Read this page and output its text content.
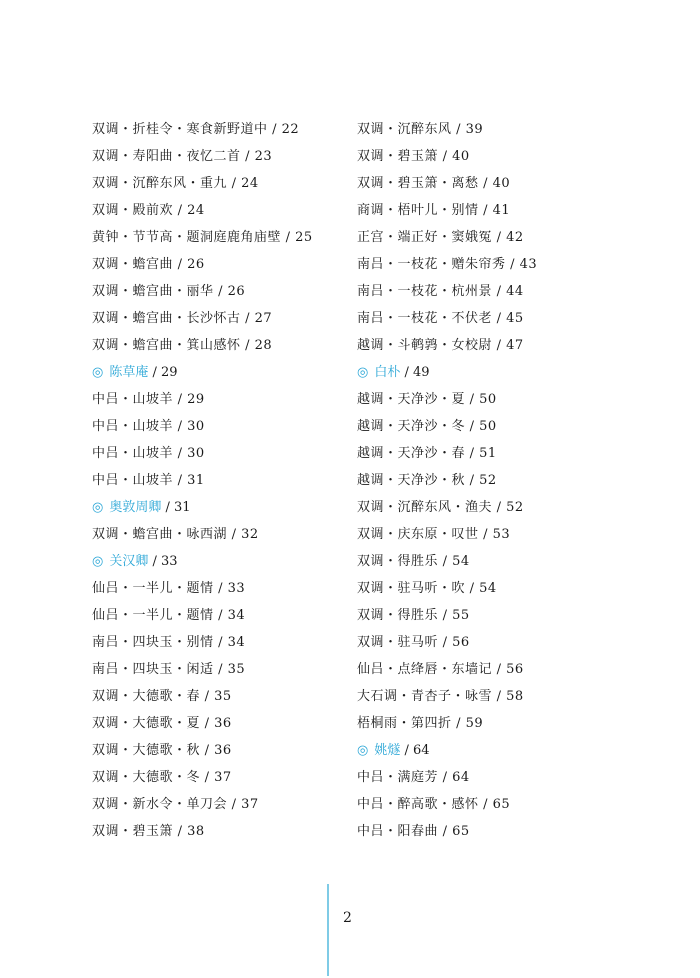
双调・折桂令・寒食新野道中 / 22
双调・寿阳曲・夜忆二首 / 23
双调・沉醉东风・重九 / 24
双调・殿前欢 / 24
黄钟・节节高・题洞庭鹿角庙壁 / 25
双调・蟾宫曲 / 26
双调・蟾宫曲・丽华 / 26
双调・蟾宫曲・长沙怀古 / 27
双调・蟾宫曲・箕山感怀 / 28
◎ 陈草庵 / 29
中吕・山坡羊 / 29
中吕・山坡羊 / 30
中吕・山坡羊 / 30
中吕・山坡羊 / 31
◎ 奥敦周卿 / 31
双调・蟾宫曲・咏西湖 / 32
◎ 关汉卿 / 33
仙吕・一半儿・题情 / 33
仙吕・一半儿・题情 / 34
南吕・四块玉・别情 / 34
南吕・四块玉・闲适 / 35
双调・大德歌・春 / 35
双调・大德歌・夏 / 36
双调・大德歌・秋 / 36
双调・大德歌・冬 / 37
双调・新水令・单刀会 / 37
双调・碧玉箫 / 38
双调・沉醉东风 / 39
双调・碧玉箫 / 40
双调・碧玉箫・离愁 / 40
商调・梧叶儿・别情 / 41
正宫・端正好・窦娥冤 / 42
南吕・一枝花・赠朱帘秀 / 43
南吕・一枝花・杭州景 / 44
南吕・一枝花・不伏老 / 45
越调・斗鹌鹑・女校尉 / 47
◎ 白朴 / 49
越调・天净沙・夏 / 50
越调・天净沙・冬 / 50
越调・天净沙・春 / 51
越调・天净沙・秋 / 52
双调・沉醉东风・渔夫 / 52
双调・庆东原・叹世 / 53
双调・得胜乐 / 54
双调・驻马听・吹 / 54
双调・得胜乐 / 55
双调・驻马听 / 56
仙吕・点绛唇・东墙记 / 56
大石调・青杏子・咏雪 / 58
梧桐雨・第四折 / 59
◎ 姚燧 / 64
中吕・满庭芳 / 64
中吕・醉高歌・感怀 / 65
中吕・阳春曲 / 65
2
